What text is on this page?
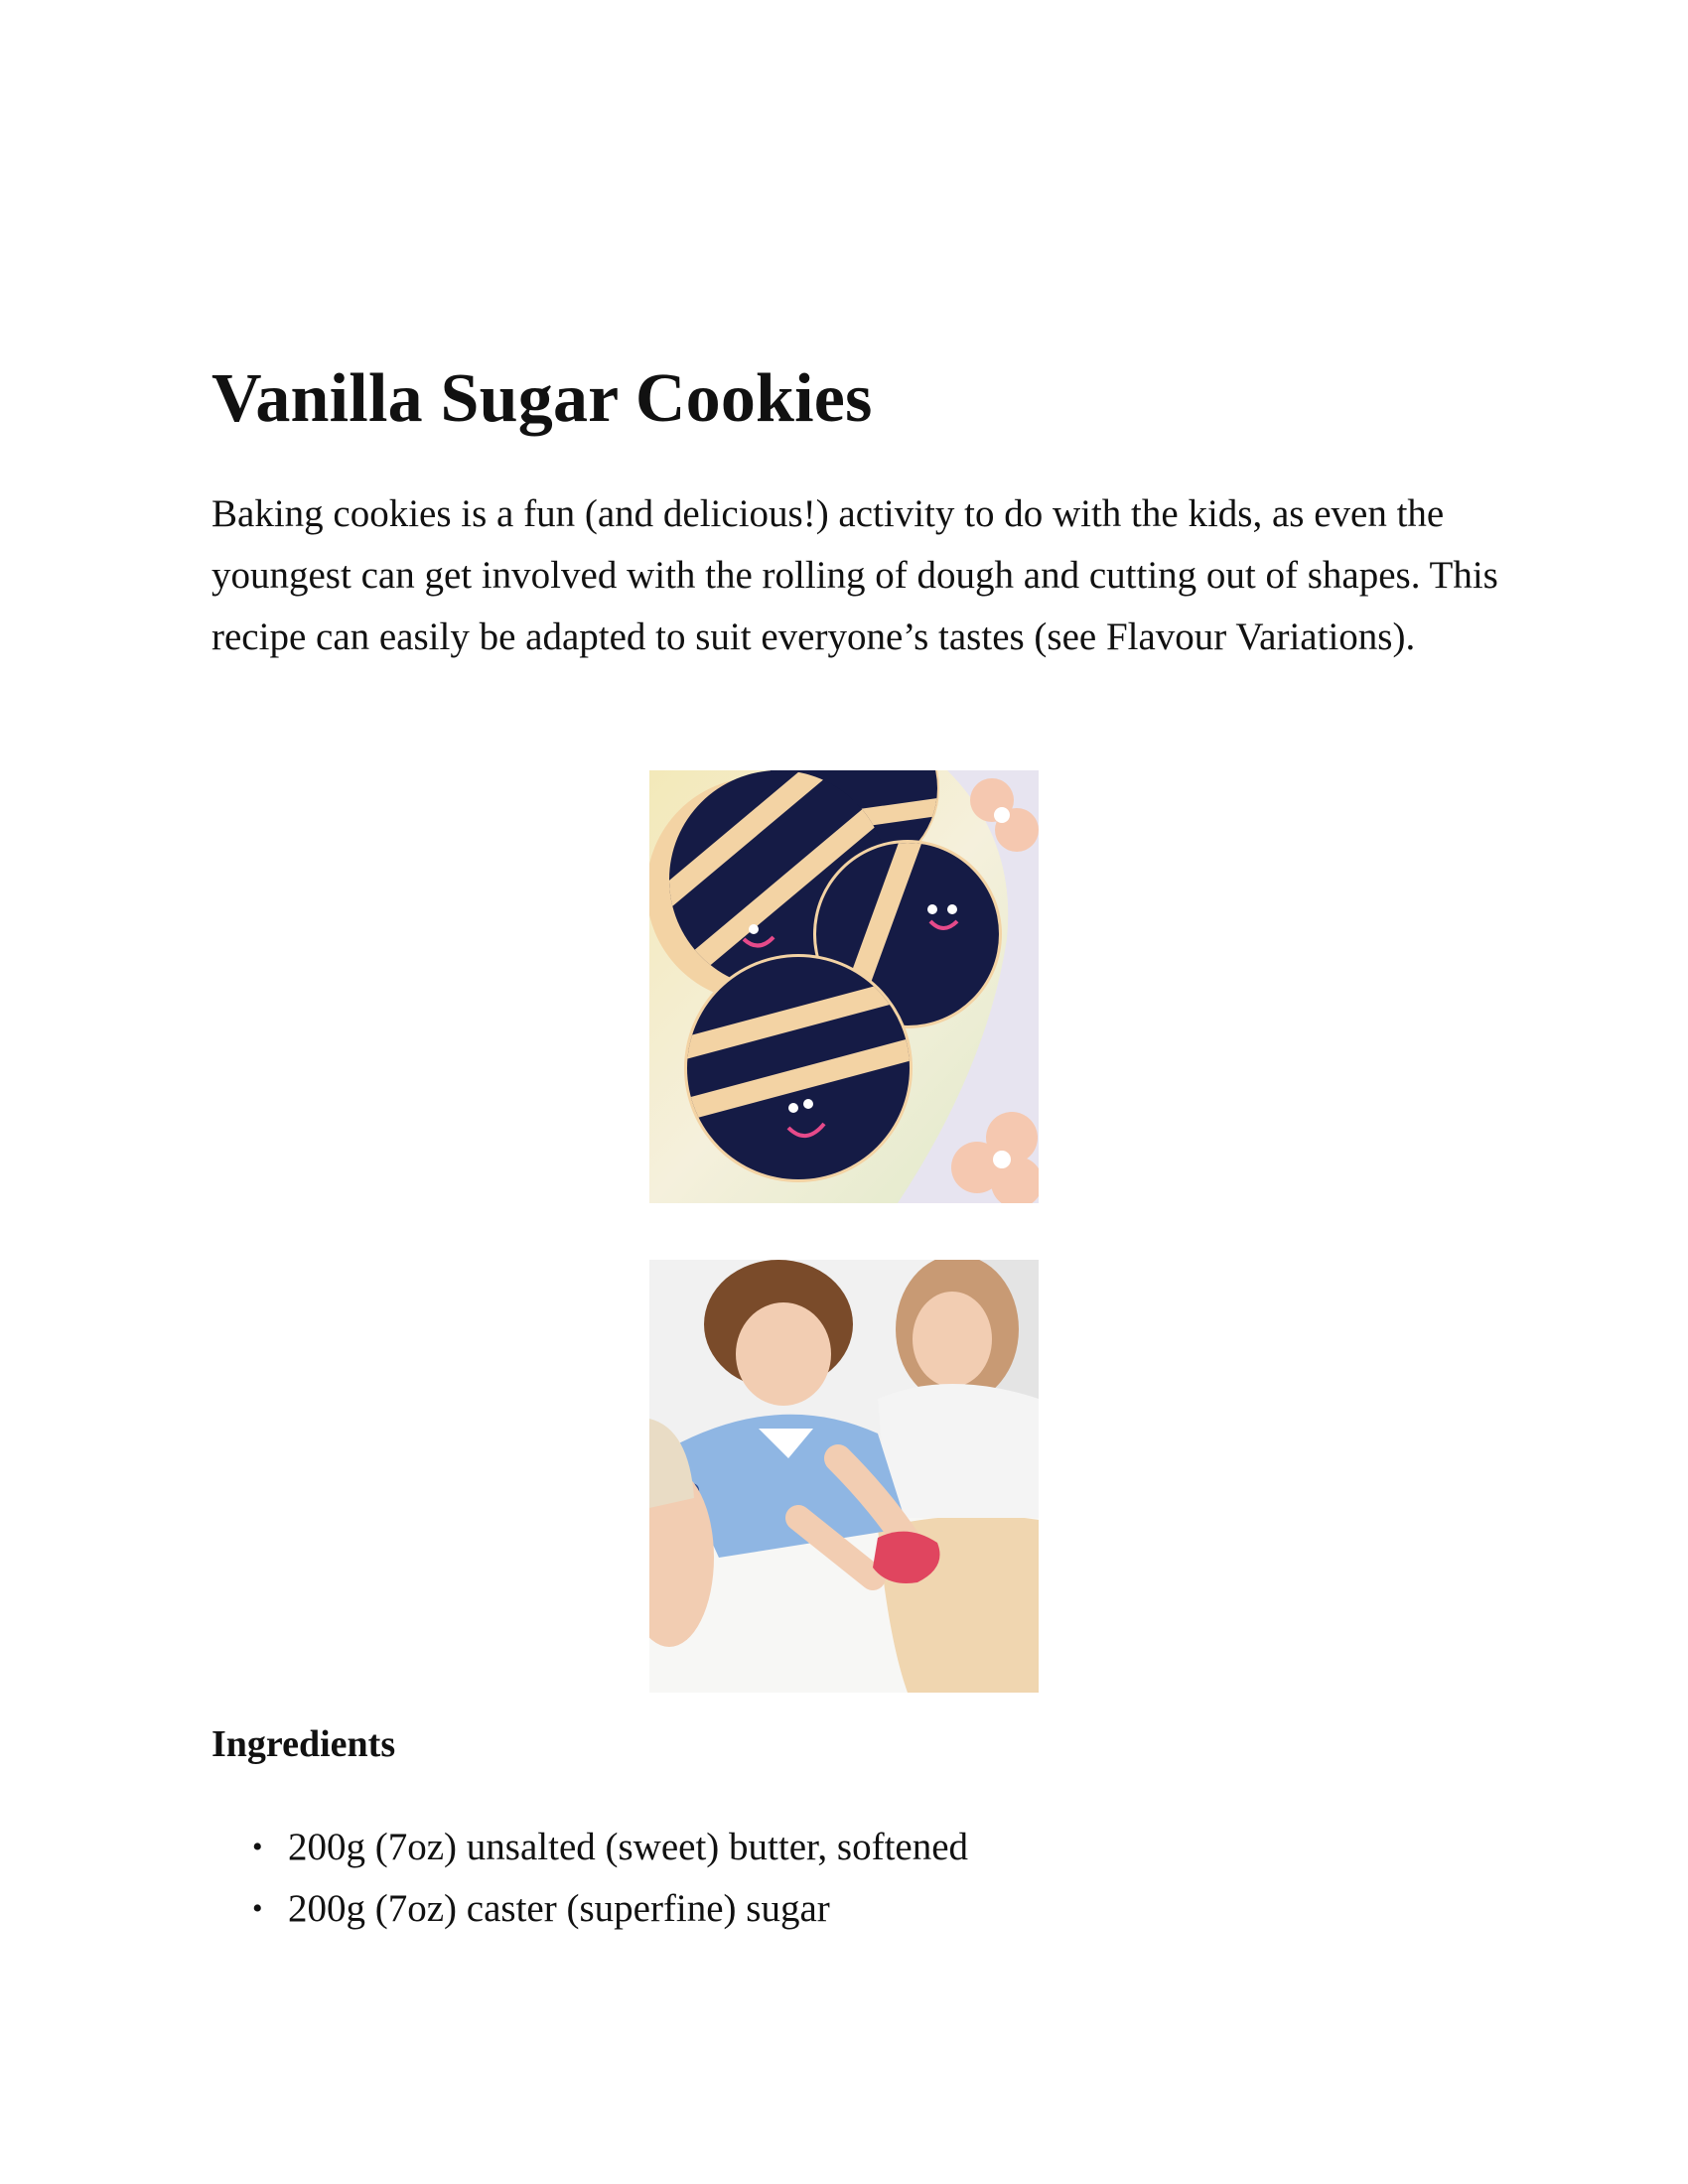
Vanilla Sugar Cookies

Baking cookies is a fun (and delicious!) activity to do with the kids, as even the youngest can get involved with the rolling of dough and cutting out of shapes. This recipe can easily be adapted to suit everyone’s tastes (see Flavour Variations).

Ingredients
• 200g (7oz) unsalted (sweet) butter, softened
• 200g (7oz) caster (superfine) sugar
